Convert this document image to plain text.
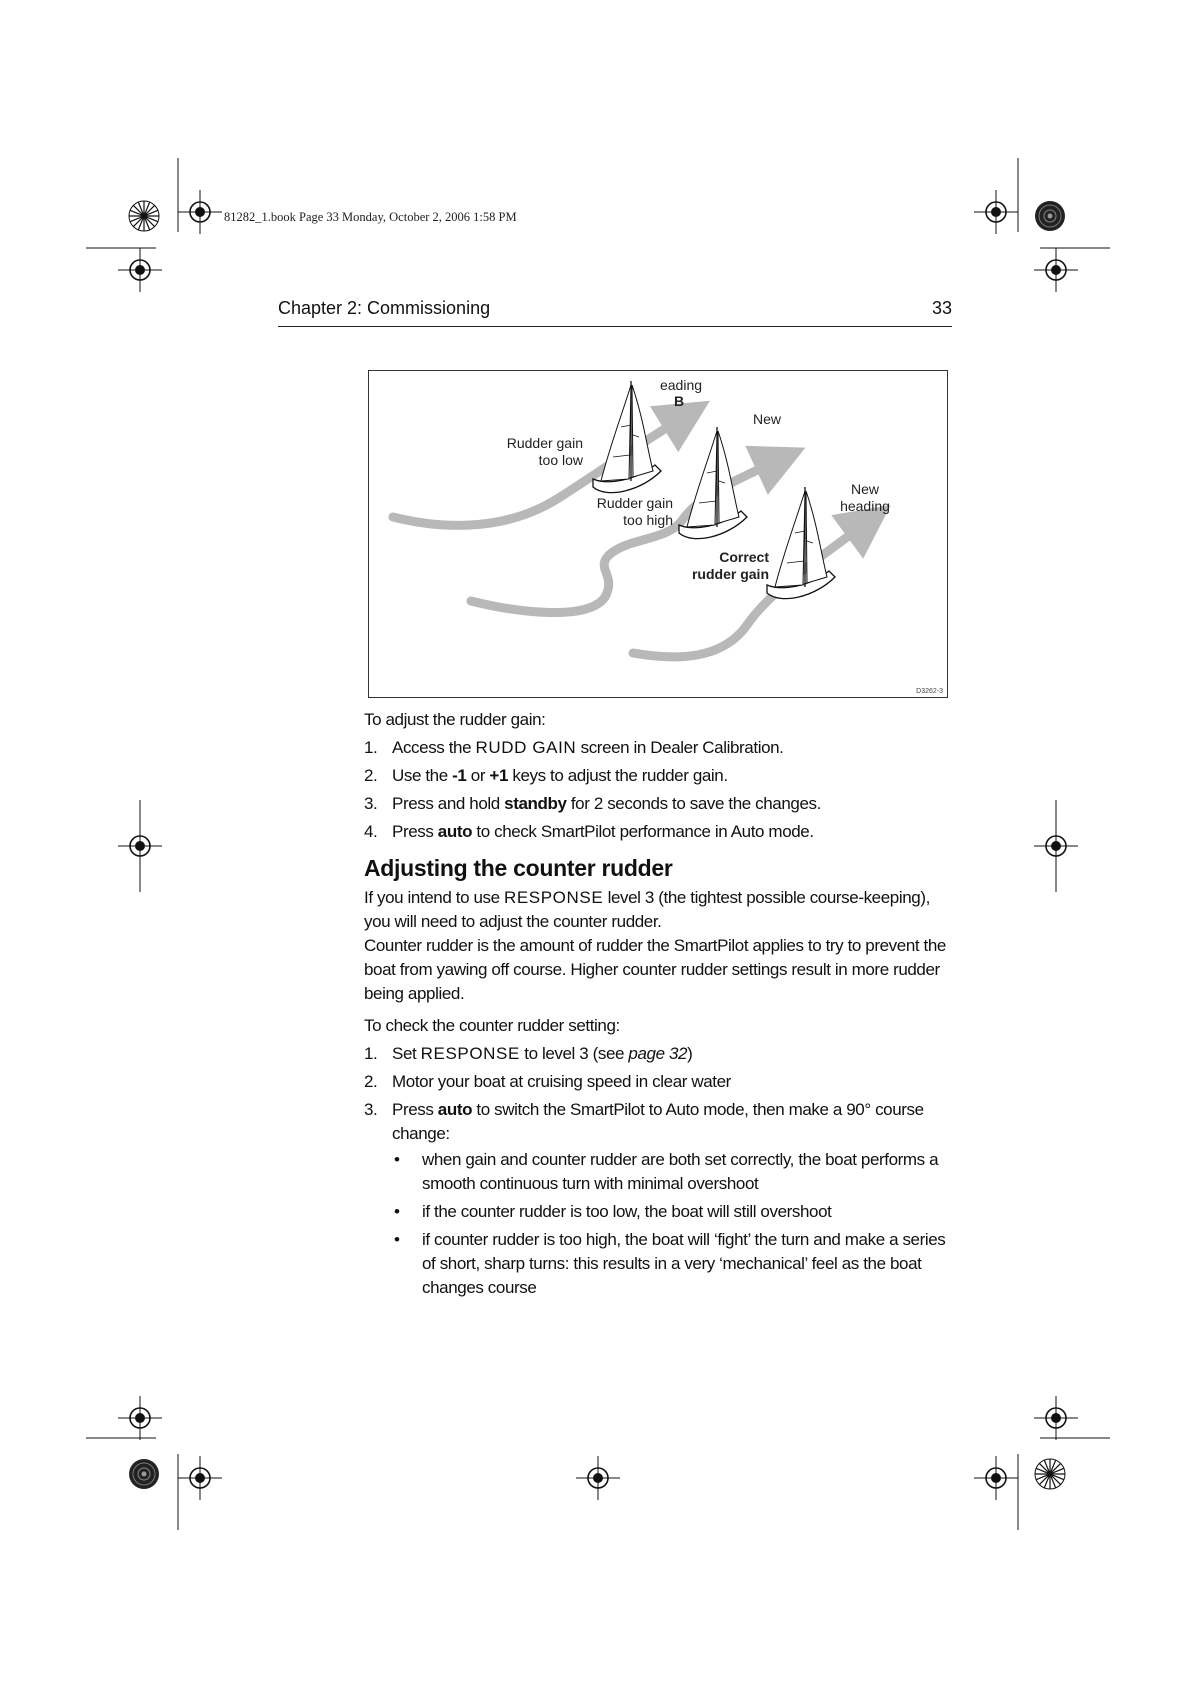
81282_1.book Page 33 Monday, October 2, 2006 1:58 PM
Chapter 2: Commissioning	33
eading
B
New
Rudder gain
too low
Rudder gain
too high
New
heading
Correct
rudder gain
D3262-3

To adjust the rudder gain:

1. Access the RUDD GAIN screen in Dealer Calibration.
2. Use the -1 or +1 keys to adjust the rudder gain.
3. Press and hold standby for 2 seconds to save the changes.
4. Press auto to check SmartPilot performance in Auto mode.
Adjusting the counter rudder

If you intend to use RESPONSE level 3 (the tightest possible course-keeping), you will need to adjust the counter rudder.

Counter rudder is the amount of rudder the SmartPilot applies to try to prevent the boat from yawing off course. Higher counter rudder settings result in more rudder being applied.

To check the counter rudder setting:

1. Set RESPONSE to level 3 (see page 32)
2. Motor your boat at cruising speed in clear water
3. Press auto to switch the SmartPilot to Auto mode, then make a 90° course change:
• when gain and counter rudder are both set correctly, the boat performs a smooth continuous turn with minimal overshoot
• if the counter rudder is too low, the boat will still overshoot
• if counter rudder is too high, the boat will ‘fight’ the turn and make a series of short, sharp turns: this results in a very ‘mechanical’ feel as the boat changes course
